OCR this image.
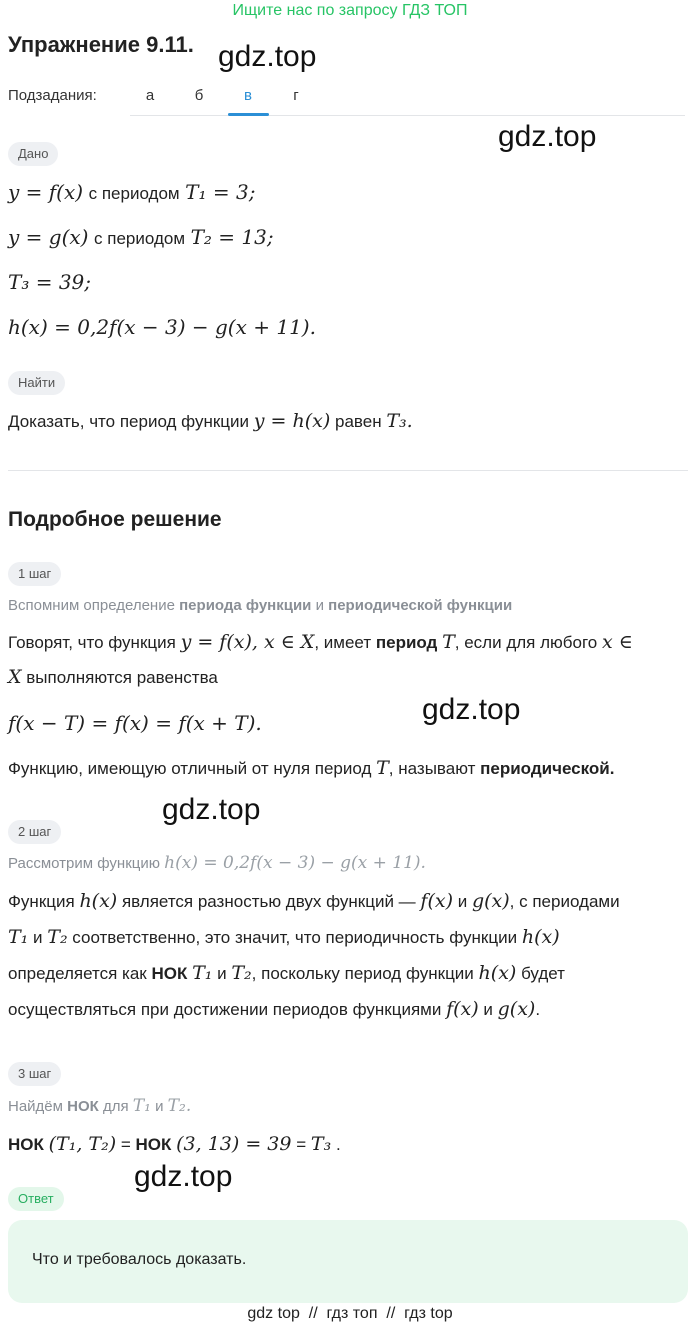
Ищите нас по запросу ГДЗ ТОП
Упражнение 9.11. gdz.top
gdz.top
gdz.top
gdz.top
gdz.top
Подзадания:	а	б	в	г
Дано
y = f(x) с периодом T₁ = 3;
y = g(x) с периодом T₂ = 13;
T₃ = 39;
h(x) = 0,2f(x − 3) − g(x + 11).
Найти
Доказать, что период функции y = h(x) равен T₃.
Подробное решение
1 шаг
Вспомним определение периода функции и периодической функции
Говорят, что функция y = f(x), x ∈ X, имеет период T, если для любого x ∈
X выполняются равенства
f(x − T) = f(x) = f(x + T).
Функцию, имеющую отличный от нуля период T, называют периодической.
2 шаг
Рассмотрим функцию h(x) = 0,2f(x − 3) − g(x + 11).
Функция h(x) является разностью двух функций — f(x) и g(x), с периодами
T₁ и T₂ соответственно, это значит, что периодичность функции h(x)
определяется как НОК T₁ и T₂, поскольку период функции h(x) будет
осуществляться при достижении периодов функциями f(x) и g(x).
3 шаг
Найдём НОК для T₁ и T₂.
НОК (T₁, T₂) = НОК (3, 13) = 39 = T₃ .
Ответ
Что и требовалось доказать.
gdz top  //  гдз топ  //  гдз top
